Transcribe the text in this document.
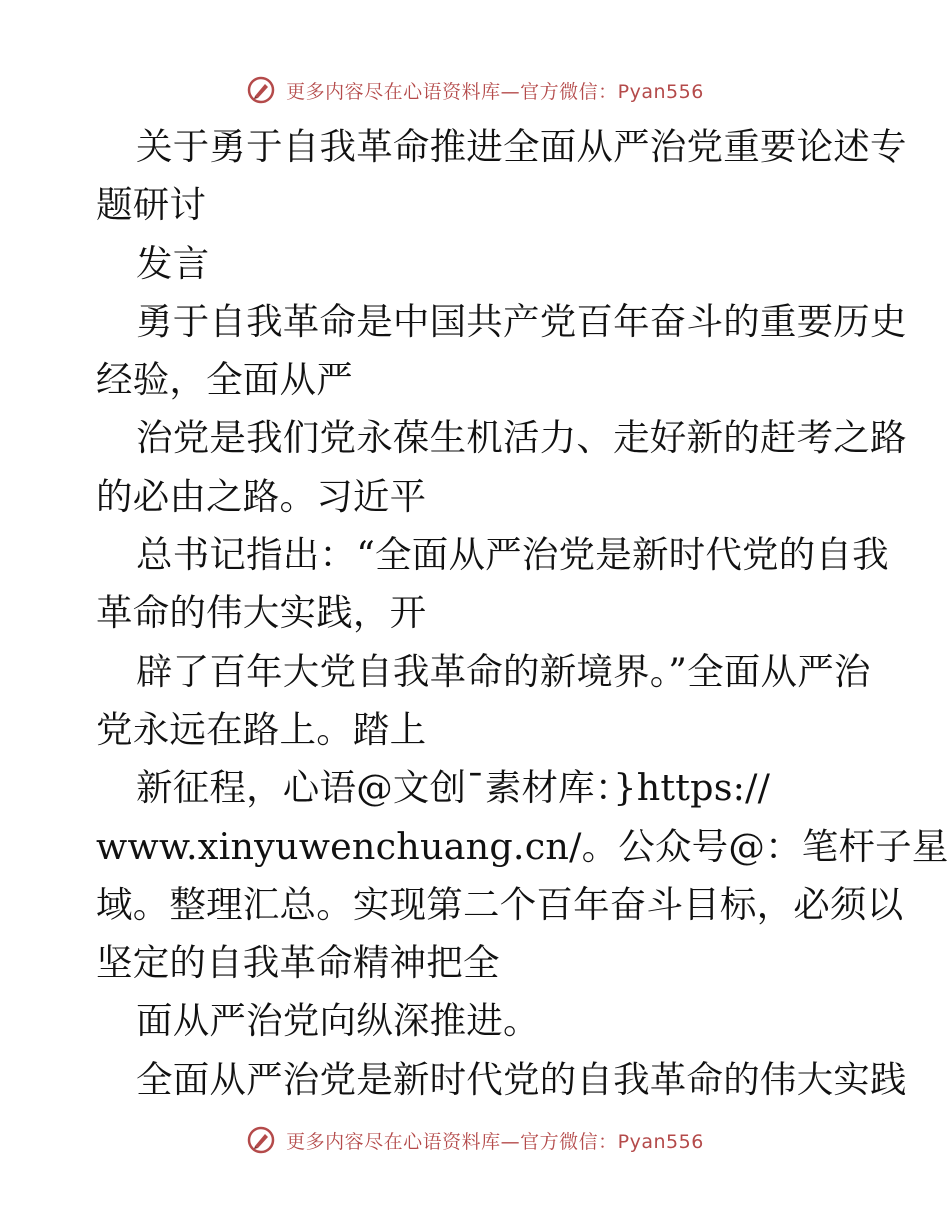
更多内容尽在心语资料库—官方微信：Pyan556
关于勇于自我革命推进全面从严治党重要论述专
题研讨
发言
勇于自我革命是中国共产党百年奋斗的重要历史
经验，全面从严
治党是我们党永葆生机活力、走好新的赶考之路
的必由之路。习近平
总书记指出：“全面从严治党是新时代党的自我
革命的伟大实践，开
辟了百年大党自我革命的新境界。”全面从严治
党永远在路上。踏上
新征程，心语@文创¯素材库：}https://
www.xinyuwenchuang.cn/。公众号@：笔杆子星
域。整理汇总。实现第二个百年奋斗目标，必须以
坚定的自我革命精神把全
面从严治党向纵深推进。
全面从严治党是新时代党的自我革命的伟大实践
更多内容尽在心语资料库—官方微信：Pyan556
